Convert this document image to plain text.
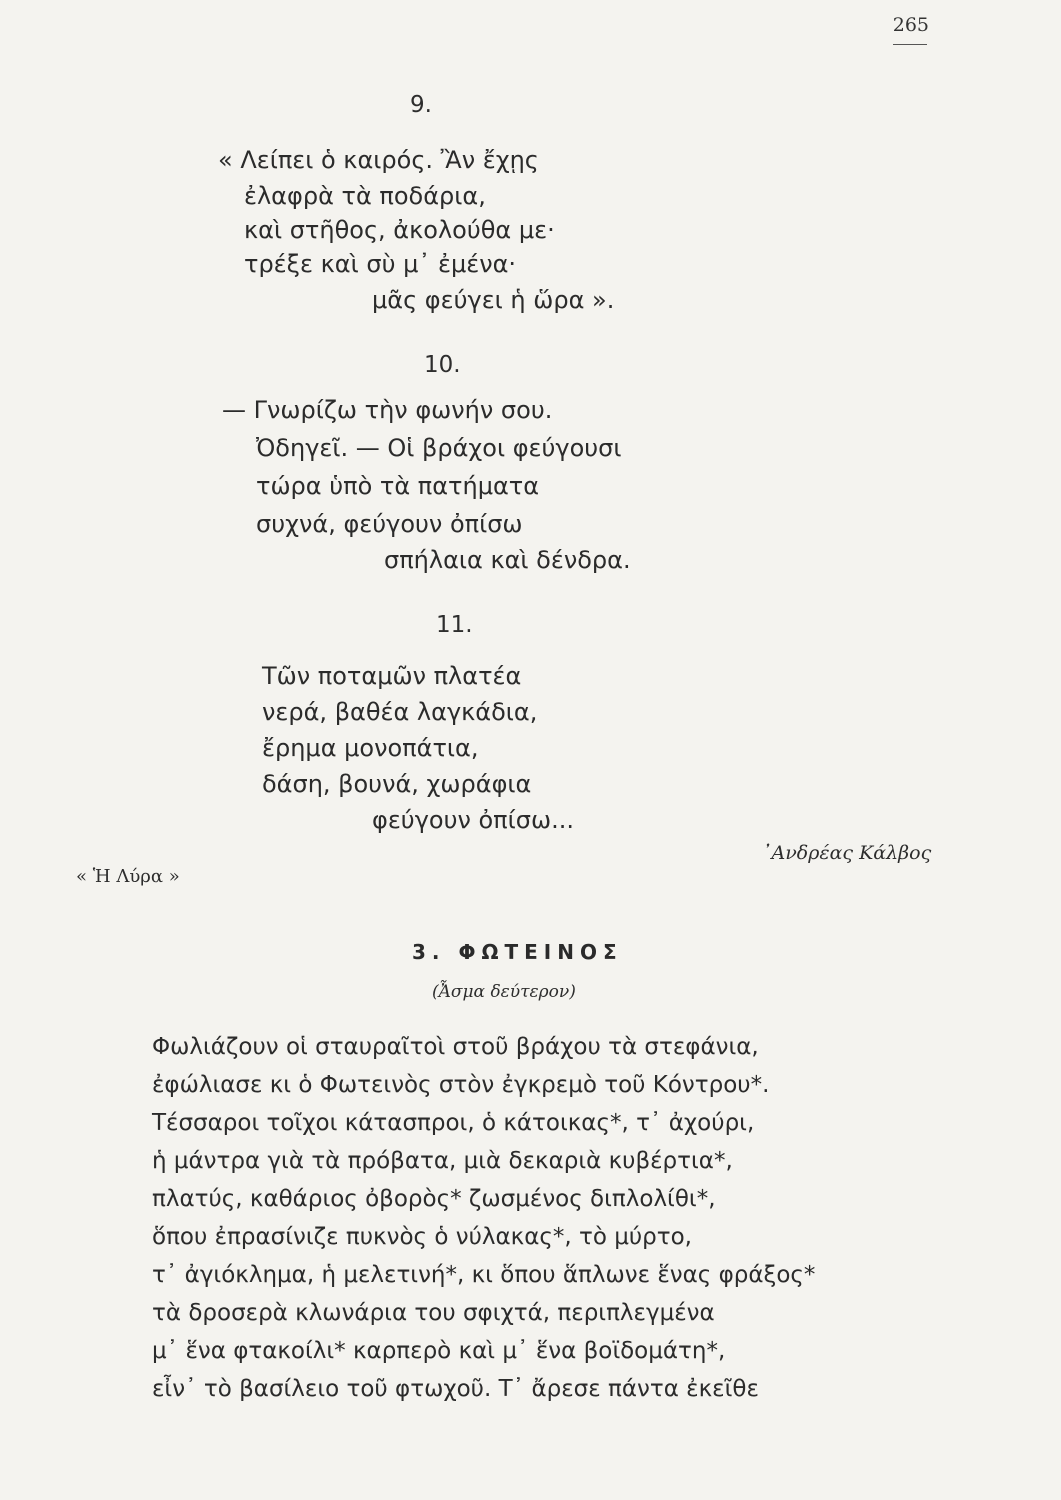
265
9.
« Λείπει ὁ καιρός. Ἂν ἔχῃς
ἐλαφρὰ τὰ ποδάρια,
καὶ στῆθος, ἀκολούθα με·
τρέξε καὶ σὺ μ᾽ ἐμένα·
μᾶς φεύγει ἡ ὥρα ».
10.
— Γνωρίζω τὴν φωνήν σου.
Ὀδηγεῖ. — Οἱ βράχοι φεύγουσι
τώρα ὑπὸ τὰ πατήματα
συχνά, φεύγουν ὀπίσω
σπήλαια καὶ δένδρα.
11.
Τῶν ποταμῶν πλατέα
νερά, βαθέα λαγκάδια,
ἔρημα μονοπάτια,
δάση, βουνά, χωράφια
φεύγουν ὀπίσω...
᾽Ανδρέας Κάλβος
« Ἡ Λύρα »
3. ΦΩΤΕΙΝΟΣ
(Ἆσμα δεύτερον)
Φωλιάζουν οἱ σταυραῖτοὶ στοῦ βράχου τὰ στεφάνια,
ἐφώλιασε κι ὁ Φωτεινὸς στὸν ἐγκρεμὸ τοῦ Κόντρου*.
Τέσσαροι τοῖχοι κάτασπροι, ὁ κάτοικας*, τ᾽ ἀχούρι,
ἡ μάντρα γιὰ τὰ πρόβατα, μιὰ δεκαριὰ κυβέρτια*,
πλατύς, καθάριος ὀβορὸς* ζωσμένος διπλολίθι*,
ὅπου ἐπρασίνιζε πυκνὸς ὁ νύλακας*, τὸ μύρτο,
τ᾽ ἀγιόκλημα, ἡ μελετινή*, κι ὅπου ἅπλωνε ἕνας φράξος*
τὰ δροσερὰ κλωνάρια του σφιχτά, περιπλεγμένα
μ᾽ ἕνα φτακοίλι* καρπερὸ καὶ μ᾽ ἕνα βοϊδομάτη*,
εἶν᾽ τὸ βασίλειο τοῦ φτωχοῦ. Τ᾽ ἄρεσε πάντα ἐκεῖθε
